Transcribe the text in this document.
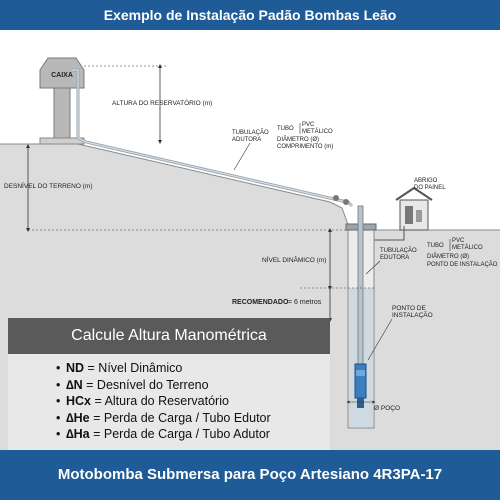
Exemplo de Instalação Padão Bombas Leão
CAIXA
ALTURA DO RESERVATÓRIO (m)
DESNÍVEL DO TERRENO (m)
TUBULAÇÃO
ADUTORA
TUBO
PVC
METÁLICO
DIÂMETRO (Ø)
COMPRIMENTO (m)
ABRIGO
DO PAINEL
NÍVEL DINÂMICO (m)
RECOMENDADO = 6 metros
TUBULAÇÃO
EDUTORA
TUBO
PVC
METÁLICO
DIÂMETRO (Ø)
PONTO DE INSTALAÇÃO
PONTO DE
INSTALAÇÃO
Ø POÇO
Calcule Altura Manométrica
• ND = Nível Dinâmico
• ∆N = Desnível do Terreno
• HCx = Altura do Reservatório
• ∆He = Perda de Carga / Tubo Edutor
• ∆Ha = Perda de Carga / Tubo Adutor
Motobomba Submersa para Poço Artesiano 4R3PA-17
